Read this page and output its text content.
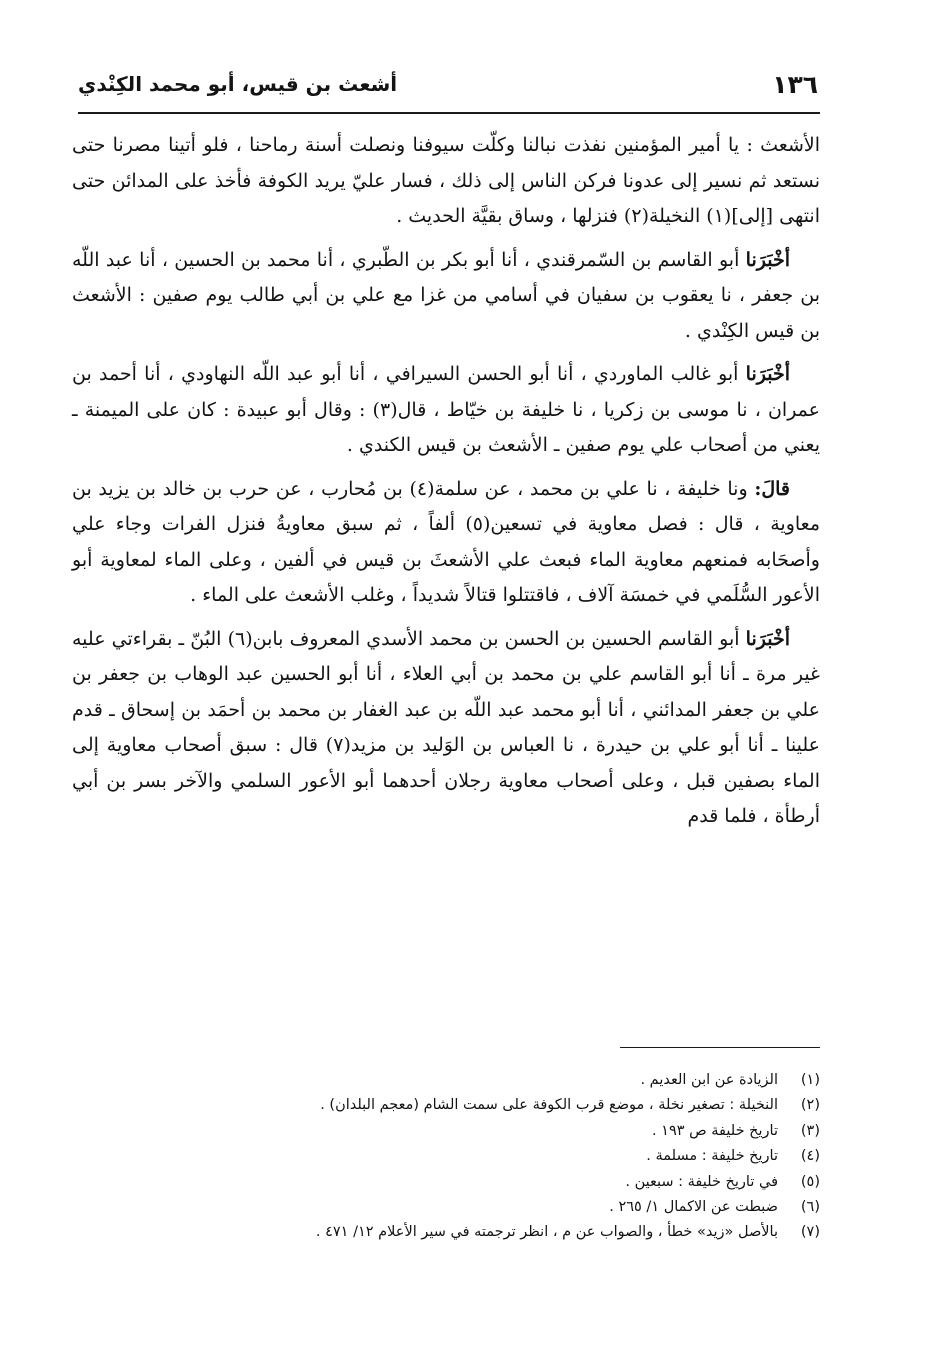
١٣٦
أشعث بن قيس، أبو محمد الكِنْدي

الأشعث : يا أمير المؤمنين نفذت نبالنا وكلّت سيوفنا ونصلت أسنة رماحنا ، فلو أتينا مصرنا حتى نستعد ثم نسير إلى عدونا فركن الناس إلى ذلك ، فسار عليّ يريد الكوفة فأخذ على المدائن حتى انتهى [إلى](١) النخيلة(٢) فنزلها ، وساق بقيَّة الحديث .

أخْبَرَنا أبو القاسم بن السّمرقندي ، أنا أبو بكر بن الطّبري ، أنا محمد بن الحسين ، أنا عبد اللّه بن جعفر ، نا يعقوب بن سفيان في أسامي من غزا مع علي بن أبي طالب يوم صفين : الأشعث بن قيس الكِنْدي .

أخْبَرَنا أبو غالب الماوردي ، أنا أبو الحسن السيرافي ، أنا أبو عبد اللّه النهاودي ، أنا أحمد بن عمران ، نا موسى بن زكريا ، نا خليفة بن خيّاط ، قال(٣) : وقال أبو عبيدة : كان على الميمنة ـ يعني من أصحاب علي يوم صفين ـ الأشعث بن قيس الكندي .

قالَ: ونا خليفة ، نا علي بن محمد ، عن سلمة(٤) بن مُحارب ، عن حرب بن خالد بن يزيد بن معاوية ، قال : فصل معاوية في تسعين(٥) ألفاً ، ثم سبق معاويةُ فنزل الفرات وجاء علي وأصحَابه فمنعهم معاوية الماء فبعث علي الأشعثَ بن قيس في ألفين ، وعلى الماء لمعاوية أبو الأعور السُّلَمي في خمسَة آلاف ، فاقتتلوا قتالاً شديداً ، وغلب الأشعث على الماء .

أخْبَرَنا أبو القاسم الحسين بن الحسن بن محمد الأسدي المعروف بابن(٦) البُنّ ـ بقراءتي عليه غير مرة ـ أنا أبو القاسم علي بن محمد بن أبي العلاء ، أنا أبو الحسين عبد الوهاب بن جعفر بن علي بن جعفر المدائني ، أنا أبو محمد عبد اللّه بن عبد الغفار بن محمد بن أحمَد بن إسحاق ـ قدم علينا ـ أنا أبو علي بن حيدرة ، نا العباس بن الوَليد بن مزيد(٧) قال : سبق أصحاب معاوية إلى الماء بصفين قبل ، وعلى أصحاب معاوية رجلان أحدهما أبو الأعور السلمي والآخر بسر بن أبي أرطأة ، فلما قدم

(١)الزيادة عن ابن العديم .
(٢)النخيلة : تصغير نخلة ، موضع قرب الكوفة على سمت الشام (معجم البلدان) .
(٣)تاريخ خليفة ص ١٩٣ .
(٤)تاريخ خليفة : مسلمة .
(٥)في تاريخ خليفة : سبعين .
(٦)ضبطت عن الاكمال ١/ ٢٦٥ .
(٧)بالأصل «زيد» خطأ ، والصواب عن م ، انظر ترجمته في سير الأعلام ١٢/ ٤٧١ .
